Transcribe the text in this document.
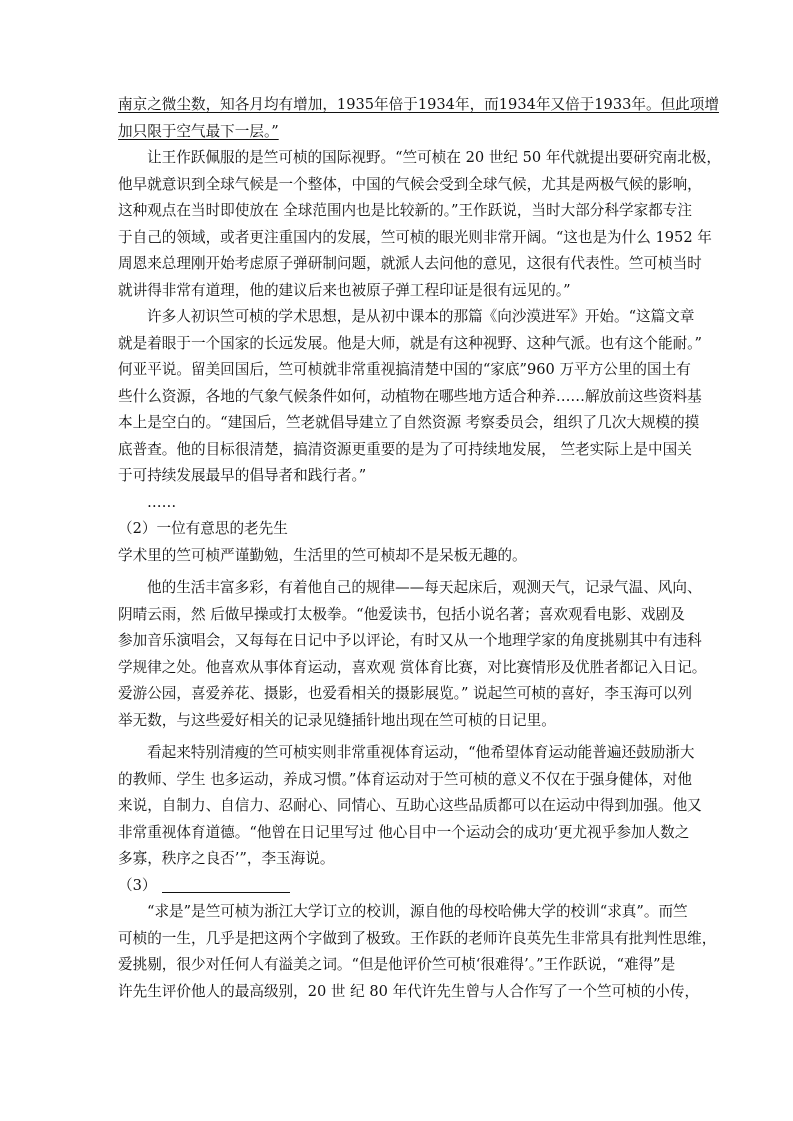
南京之微尘数，知各月均有增加，1935年倍于1934年，而1934年又倍于1933年。但此项增
加只限于空气最下一层。”
让王作跃佩服的是竺可桢的国际视野。“竺可桢在 20 世纪 50 年代就提出要研究南北极，
他早就意识到全球气候是一个整体，中国的气候会受到全球气候，尤其是两极气候的影响，
这种观点在当时即使放在 全球范围内也是比较新的。”王作跃说，当时大部分科学家都专注
于自己的领域，或者更注重国内的发展，竺可桢的眼光则非常开阔。“这也是为什么 1952 年
周恩来总理刚开始考虑原子弹研制问题，就派人去问他的意见，这很有代表性。竺可桢当时
就讲得非常有道理，他的建议后来也被原子弹工程印证是很有远见的。”
许多人初识竺可桢的学术思想，是从初中课本的那篇《向沙漠进军》开始。“这篇文章
就是着眼于一个国家的长远发展。他是大师，就是有这种视野、这种气派。也有这个能耐。”
何亚平说。留美回国后，竺可桢就非常重视搞清楚中国的“家底”960 万平方公里的国土有
些什么资源，各地的气象气候条件如何，动植物在哪些地方适合种养……解放前这些资料基
本上是空白的。“建国后，竺老就倡导建立了自然资源 考察委员会，组织了几次大规模的摸
底普查。他的目标很清楚，搞清资源更重要的是为了可持续地发展， 竺老实际上是中国关
于可持续发展最早的倡导者和践行者。”
……
（2）一位有意思的老先生
学术里的竺可桢严谨勤勉，生活里的竺可桢却不是呆板无趣的。
他的生活丰富多彩，有着他自己的规律——每天起床后，观测天气，记录气温、风向、
阴晴云雨，然 后做早操或打太极拳。“他爱读书，包括小说名著；喜欢观看电影、戏剧及
参加音乐演唱会，又每每在日记中予以评论，有时又从一个地理学家的角度挑剔其中有违科
学规律之处。他喜欢从事体育运动，喜欢观 赏体育比赛，对比赛情形及优胜者都记入日记。
爱游公园，喜爱养花、摄影，也爱看相关的摄影展览。” 说起竺可桢的喜好，李玉海可以列
举无数，与这些爱好相关的记录见缝插针地出现在竺可桢的日记里。
看起来特别清瘦的竺可桢实则非常重视体育运动，“他希望体育运动能普遍还鼓励浙大
的教师、学生 也多运动，养成习惯。”体育运动对于竺可桢的意义不仅在于强身健体，对他
来说，自制力、自信力、忍耐心、同情心、互助心这些品质都可以在运动中得到加强。他又
非常重视体育道德。“他曾在日记里写过 他心目中一个运动会的成功‘更尤视乎参加人数之
多寡，秩序之良否’”，李玉海说。
（3）
“求是”是竺可桢为浙江大学订立的校训，源自他的母校哈佛大学的校训“求真”。而竺
可桢的一生，几乎是把这两个字做到了极致。王作跃的老师许良英先生非常具有批判性思维，
爱挑剔，很少对任何人有溢美之词。“但是他评价竺可桢‘很难得’。”王作跃说，“难得”是
许先生评价他人的最高级别，20 世 纪 80 年代许先生曾与人合作写了一个竺可桢的小传，
